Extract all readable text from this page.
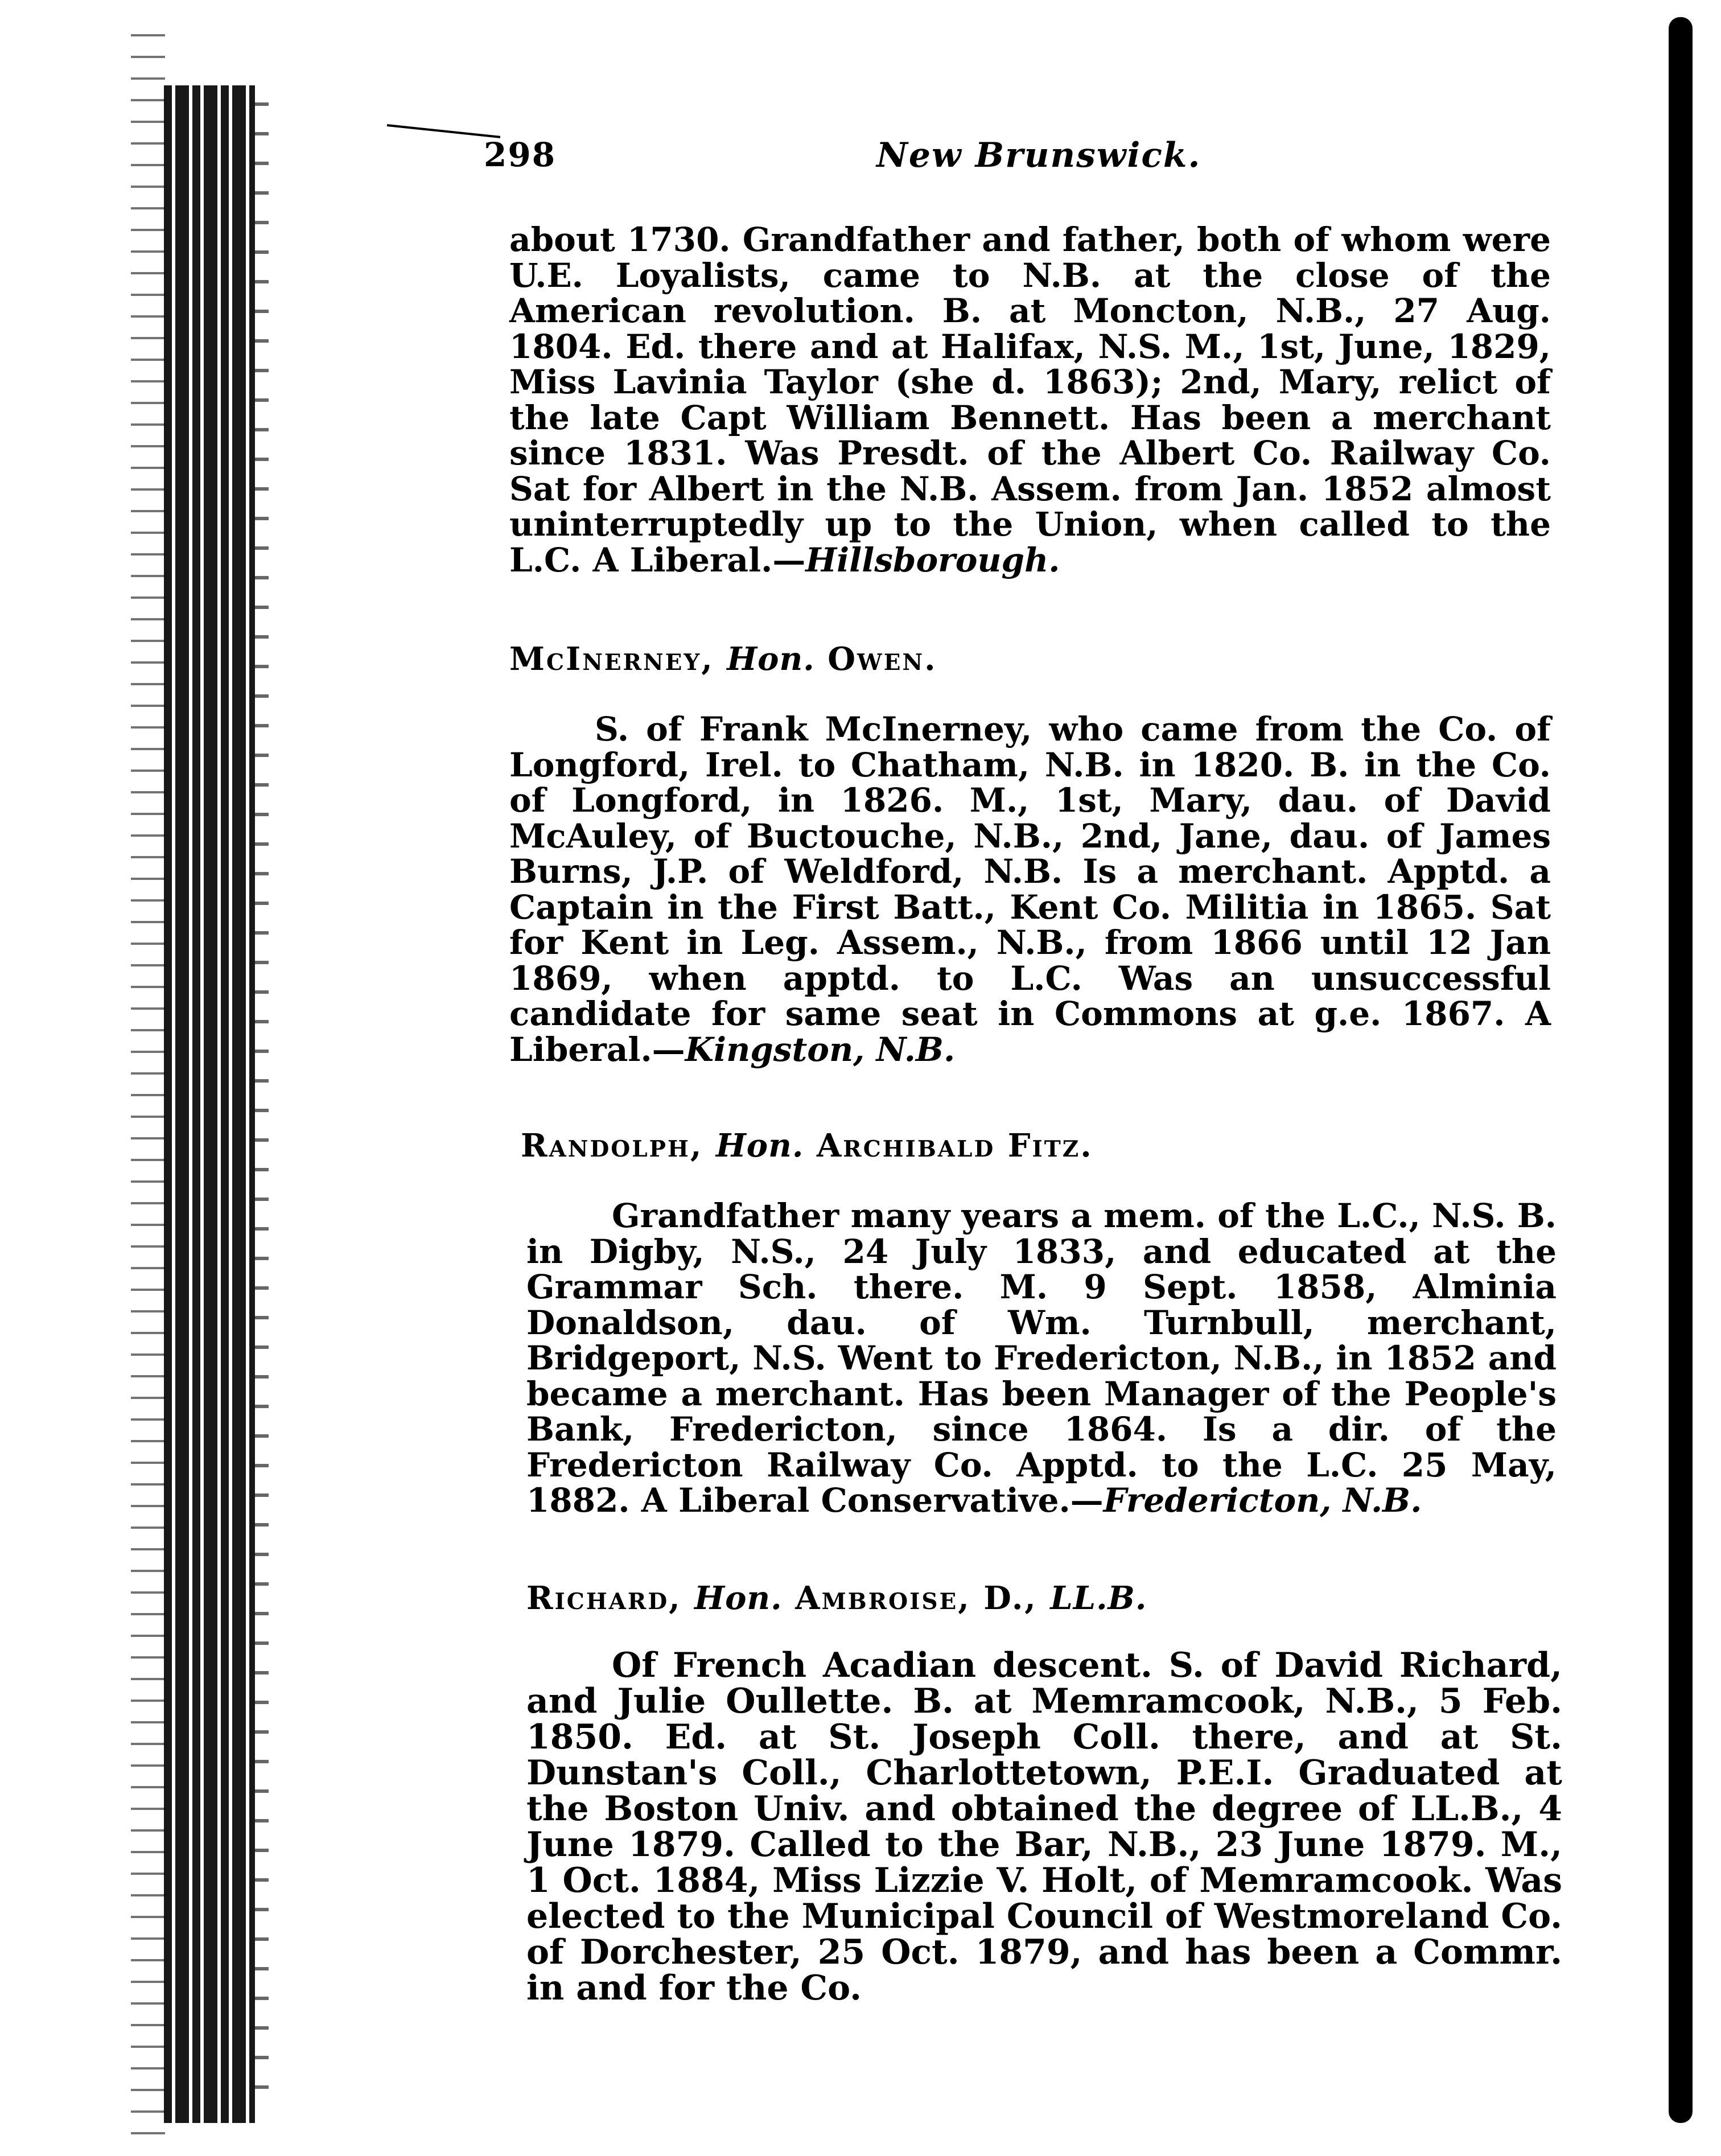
298	New Brunswick.

about 1730. Grandfather and father, both of whom were U.E. Loyalists, came to N.B. at the close of the American revolution. B. at Moncton, N.B., 27 Aug. 1804. Ed. there and at Halifax, N.S. M., 1st, June, 1829, Miss Lavinia Taylor (she d. 1863); 2nd, Mary, relict of the late Capt William Bennett. Has been a merchant since 1831. Was Presdt. of the Albert Co. Railway Co. Sat for Albert in the N.B. Assem. from Jan. 1852 almost uninterruptedly up to the Union, when called to the L.C. A Liberal.—Hillsborough.

McInerney, Hon. Owen.

S. of Frank McInerney, who came from the Co. of Longford, Irel. to Chatham, N.B. in 1820. B. in the Co. of Longford, in 1826. M., 1st, Mary, dau. of David McAuley, of Buctouche, N.B., 2nd, Jane, dau. of James Burns, J.P. of Weldford, N.B. Is a merchant. Apptd. a Captain in the First Batt., Kent Co. Militia in 1865. Sat for Kent in Leg. Assem., N.B., from 1866 until 12 Jan 1869, when apptd. to L.C. Was an unsuccessful candidate for same seat in Commons at g.e. 1867. A Liberal.—Kingston, N.B.

Randolph, Hon. Archibald Fitz.

Grandfather many years a mem. of the L.C., N.S. B. in Digby, N.S., 24 July 1833, and educated at the Grammar Sch. there. M. 9 Sept. 1858, Alminia Donaldson, dau. of Wm. Turnbull, merchant, Bridgeport, N.S. Went to Fredericton, N.B., in 1852 and became a merchant. Has been Manager of the People's Bank, Fredericton, since 1864. Is a dir. of the Fredericton Railway Co. Apptd. to the L.C. 25 May, 1882. A Liberal Conservative.—Fredericton, N.B.

Richard, Hon. Ambroise, D., LL.B.

Of French Acadian descent. S. of David Richard, and Julie Oullette. B. at Memramcook, N.B., 5 Feb. 1850. Ed. at St. Joseph Coll. there, and at St. Dunstan's Coll., Charlottetown, P.E.I. Graduated at the Boston Univ. and obtained the degree of LL.B., 4 June 1879. Called to the Bar, N.B., 23 June 1879. M., 1 Oct. 1884, Miss Lizzie V. Holt, of Memramcook. Was elected to the Municipal Council of Westmoreland Co. of Dorchester, 25 Oct. 1879, and has been a Commr. in and for the Co.
